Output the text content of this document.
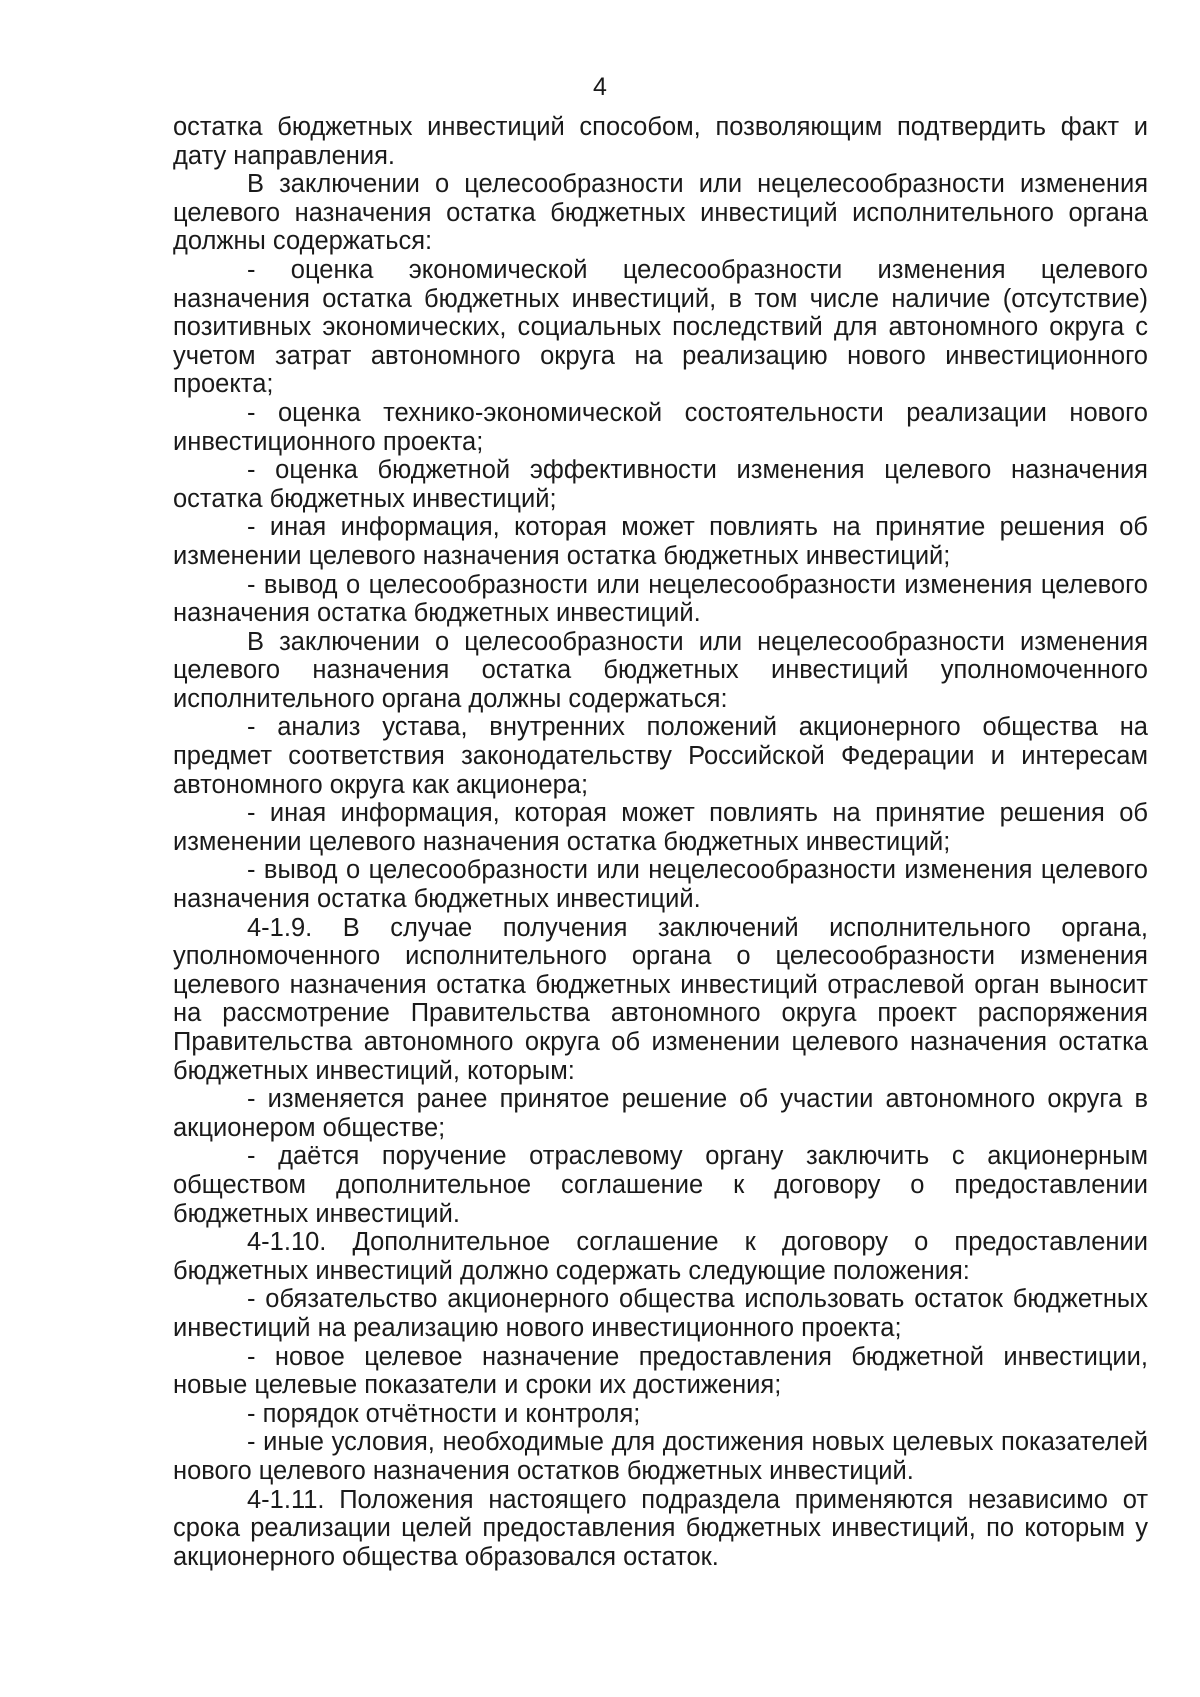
4

остатка бюджетных инвестиций способом, позволяющим подтвердить факт и дату направления.

В заключении о целесообразности или нецелесообразности изменения целевого назначения остатка бюджетных инвестиций исполнительного органа должны содержаться:

- оценка экономической целесообразности изменения целевого назначения остатка бюджетных инвестиций, в том числе наличие (отсутствие) позитивных экономических, социальных последствий для автономного округа с учетом затрат автономного округа на реализацию нового инвестиционного проекта;

- оценка технико-экономической состоятельности реализации нового инвестиционного проекта;

- оценка бюджетной эффективности изменения целевого назначения остатка бюджетных инвестиций;

- иная информация, которая может повлиять на принятие решения об изменении целевого назначения остатка бюджетных инвестиций;

- вывод о целесообразности или нецелесообразности изменения целевого назначения остатка бюджетных инвестиций.

В заключении о целесообразности или нецелесообразности изменения целевого назначения остатка бюджетных инвестиций уполномоченного исполнительного органа должны содержаться:

- анализ устава, внутренних положений акционерного общества на предмет соответствия законодательству Российской Федерации и интересам автономного округа как акционера;

- иная информация, которая может повлиять на принятие решения об изменении целевого назначения остатка бюджетных инвестиций;

- вывод о целесообразности или нецелесообразности изменения целевого назначения остатка бюджетных инвестиций.

4-1.9. В случае получения заключений исполнительного органа, уполномоченного исполнительного органа о целесообразности изменения целевого назначения остатка бюджетных инвестиций отраслевой орган выносит на рассмотрение Правительства автономного округа проект распоряжения Правительства автономного округа об изменении целевого назначения остатка бюджетных инвестиций, которым:

- изменяется ранее принятое решение об участии автономного округа в акционером обществе;

- даётся поручение отраслевому органу заключить с акционерным обществом дополнительное соглашение к договору о предоставлении бюджетных инвестиций.

4-1.10. Дополнительное соглашение к договору о предоставлении бюджетных инвестиций должно содержать следующие положения:

- обязательство акционерного общества использовать остаток бюджетных инвестиций на реализацию нового инвестиционного проекта;

- новое целевое назначение предоставления бюджетной инвестиции, новые целевые показатели и сроки их достижения;

- порядок отчётности и контроля;

- иные условия, необходимые для достижения новых целевых показателей нового целевого назначения остатков бюджетных инвестиций.

4-1.11. Положения настоящего подраздела применяются независимо от срока реализации целей предоставления бюджетных инвестиций, по которым у акционерного общества образовался остаток.
